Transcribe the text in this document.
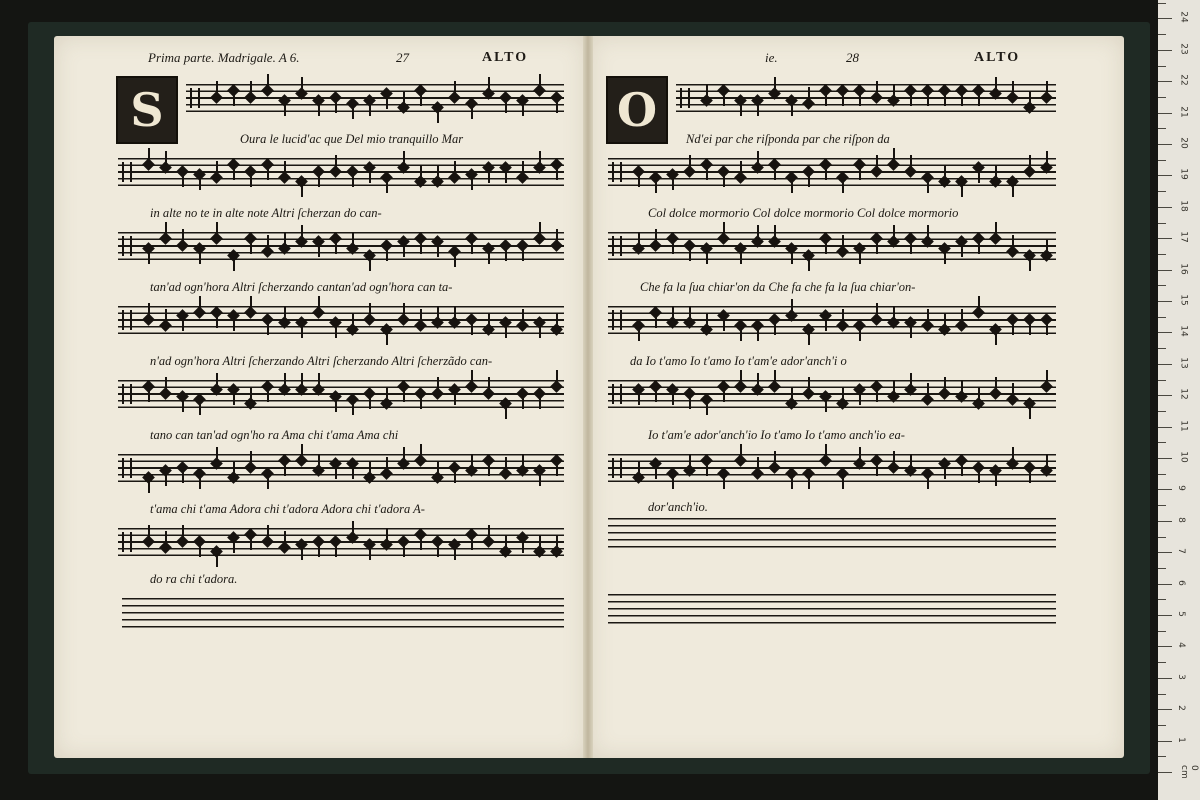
Prima parte. Madrigale. A 6.	27	ALTO	ie.	28	ALTO
S	O
Oura le lucid'ac que Del mio tranquillo Mar
in alte no te in alte note Altri ſcherzan do can-
tan'ad ogn'hora Altri ſcherzando cantan'ad ogn'hora can ta-
n'ad ogn'hora Altri ſcherzando Altri ſcherzando Altri ſcherzãdo can-
tano can tan'ad ogn'ho ra Ama chi t'ama Ama chi
t'ama chi t'ama Adora chi t'adora Adora chi t'adora A-
do ra chi t'adora.
Nd'ei par che riſponda par che riſpon da
Col dolce mormorio Col dolce mormorio Col dolce mormorio
Che fa la ſua chiar'on da Che fa che fa la ſua chiar'on-
da Io t'amo Io t'amo Io t'am'e ador'anch'i o
Io t'am'e ador'anch'io Io t'amo Io t'amo anch'io ea-
dor'anch'io.
0 cm
1
2
3
4
5
6
7
8
9
10
11
12
13
14
15
16
17
18
19
20
21
22
23
24
